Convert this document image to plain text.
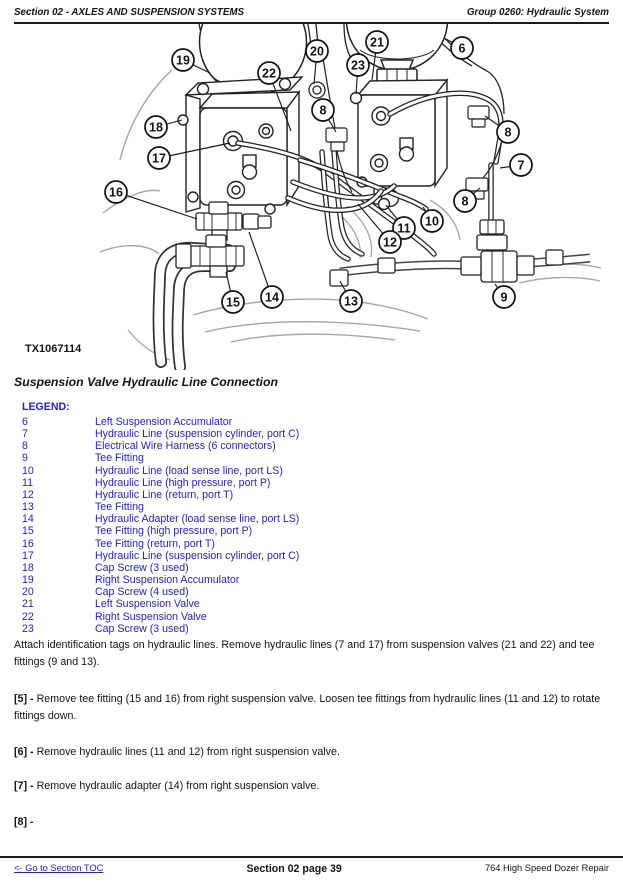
Section 02 - AXLES AND SUSPENSION SYSTEMS	Group 0260: Hydraulic System
19
20
22
23
21	6
8
18
17
8
7
16
8
10
11
12
15 14	13	9
TX1067114
Suspension Valve Hydraulic Line Connection
LEGEND:
6	Left Suspension Accumulator
7	Hydraulic Line (suspension cylinder, port C)
8	Electrical Wire Harness (6 connectors)
9	Tee Fitting
10	Hydraulic Line (load sense line, port LS)
11	Hydraulic Line (high pressure, port P)
12	Hydraulic Line (return, port T)
13	Tee Fitting
14	Hydraulic Adapter (load sense line, port LS)
15	Tee Fitting (high pressure, port P)
16	Tee Fitting (return, port T)
17	Hydraulic Line (suspension cylinder, port C)
18	Cap Screw (3 used)
19	Right Suspension Accumulator
20	Cap Screw (4 used)
21	Left Suspension Valve
22	Right Suspension Valve
23	Cap Screw (3 used)
Attach identification tags on hydraulic lines. Remove hydraulic lines (7 and 17) from suspension valves (21 and 22) and tee fittings (9 and 13).
[5] - Remove tee fitting (15 and 16) from right suspension valve. Loosen tee fittings from hydraulic lines (11 and 12) to rotate fittings down.
[6] - Remove hydraulic lines (11 and 12) from right suspension valve.
[7] - Remove hydraulic adapter (14) from right suspension valve.
[8] -
<- Go to Section TOC	Section 02 page 39	764 High Speed Dozer Repair
